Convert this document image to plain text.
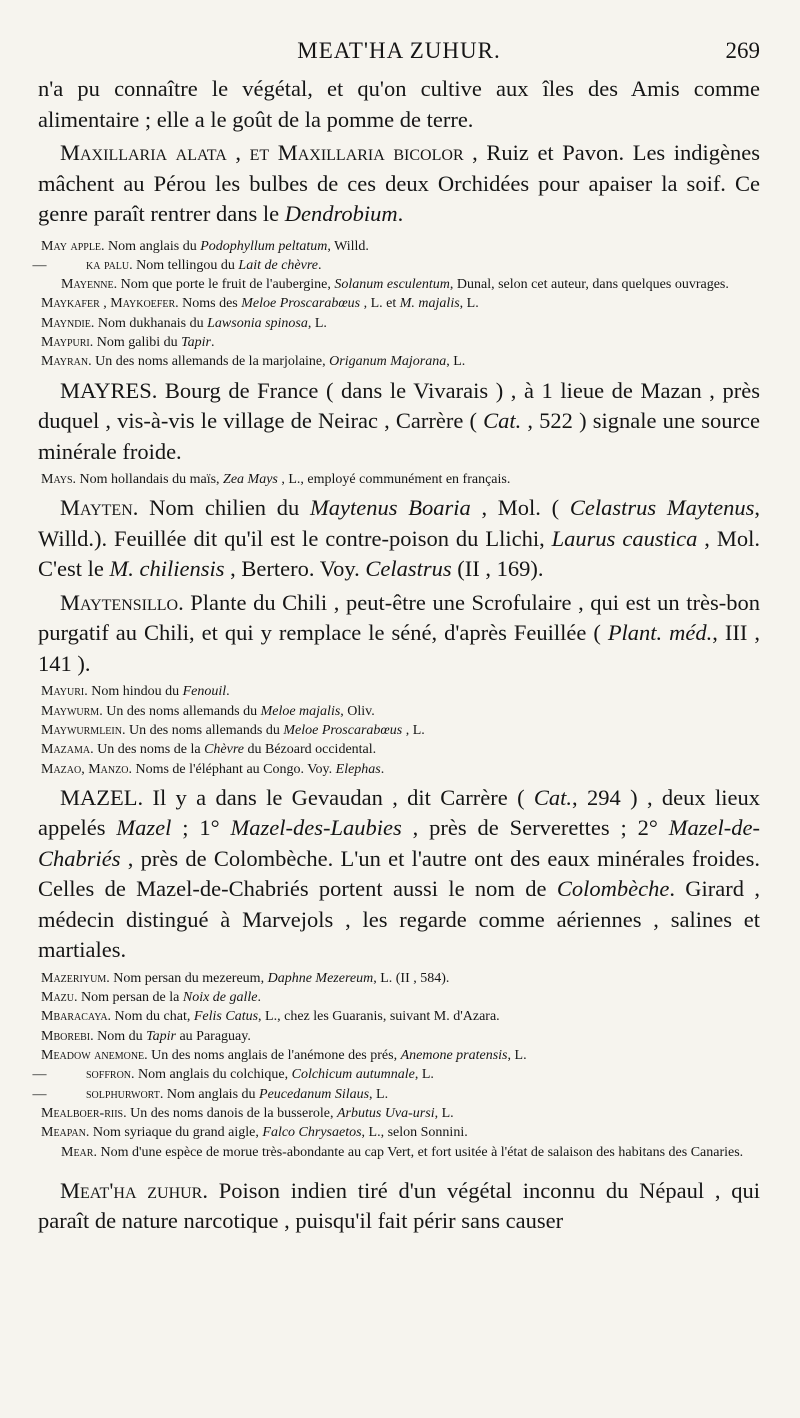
MEAT'HA ZUHUR.	269

n'a pu connaître le végétal, et qu'on cultive aux îles des Amis comme alimentaire ; elle a le goût de la pomme de terre.

Maxillaria alata , et Maxillaria bicolor , Ruiz et Pavon. Les indigènes mâchent au Pérou les bulbes de ces deux Orchidées pour apaiser la soif. Ce genre paraît rentrer dans le Dendrobium.

May apple. Nom anglais du Podophyllum peltatum, Willd.

—	ka palu. Nom tellingou du Lait de chèvre.

Mayenne. Nom que porte le fruit de l'aubergine, Solanum esculentum, Dunal, selon cet auteur, dans quelques ouvrages.

Maykafer , Maykoefer. Noms des Meloe Proscarabœus , L. et M. majalis, L.

Mayndie. Nom dukhanais du Lawsonia spinosa, L.

Maypuri. Nom galibi du Tapir.

Mayran. Un des noms allemands de la marjolaine, Origanum Majorana, L.

MAYRES. Bourg de France ( dans le Vivarais ) , à 1 lieue de Mazan , près duquel , vis-à-vis le village de Neirac , Carrère ( Cat. , 522 ) signale une source minérale froide.

Mays. Nom hollandais du maïs, Zea Mays , L., employé communément en français.

Mayten. Nom chilien du Maytenus Boaria , Mol. ( Celastrus Maytenus, Willd.). Feuillée dit qu'il est le contre-poison du Llichi, Laurus caustica , Mol. C'est le M. chiliensis , Bertero. Voy. Celastrus (II , 169).

Maytensillo. Plante du Chili , peut-être une Scrofulaire , qui est un très-bon purgatif au Chili, et qui y remplace le séné, d'après Feuillée ( Plant. méd., III , 141 ).

Mayuri. Nom hindou du Fenouil.

Maywurm. Un des noms allemands du Meloe majalis, Oliv.

Maywurmlein. Un des noms allemands du Meloe Proscarabœus , L.

Mazama. Un des noms de la Chèvre du Bézoard occidental.

Mazao, Manzo. Noms de l'éléphant au Congo. Voy. Elephas.

MAZEL. Il y a dans le Gevaudan , dit Carrère ( Cat., 294 ) , deux lieux appelés Mazel ; 1° Mazel-des-Laubies , près de Serverettes ; 2° Mazel-de-Chabriés , près de Colombèche. L'un et l'autre ont des eaux minérales froides. Celles de Mazel-de-Chabriés portent aussi le nom de Colombèche. Girard , médecin distingué à Marvejols , les regarde comme aériennes , salines et martiales.

Mazeriyum. Nom persan du mezereum, Daphne Mezereum, L. (II , 584).

Mazu. Nom persan de la Noix de galle.

Mbaracaya. Nom du chat, Felis Catus, L., chez les Guaranis, suivant M. d'Azara.

Mborebi. Nom du Tapir au Paraguay.

Meadow anemone. Un des noms anglais de l'anémone des prés, Anemone pratensis, L.

—	soffron. Nom anglais du colchique, Colchicum autumnale, L.

—	solphurwort. Nom anglais du Peucedanum Silaus, L.

Mealboer-riis. Un des noms danois de la busserole, Arbutus Uva-ursi, L.

Meapan. Nom syriaque du grand aigle, Falco Chrysaetos, L., selon Sonnini.

Mear. Nom d'une espèce de morue très-abondante au cap Vert, et fort usitée à l'état de salaison des habitans des Canaries.

Meat'ha zuhur. Poison indien tiré d'un végétal inconnu du Népaul , qui paraît de nature narcotique , puisqu'il fait périr sans causer
